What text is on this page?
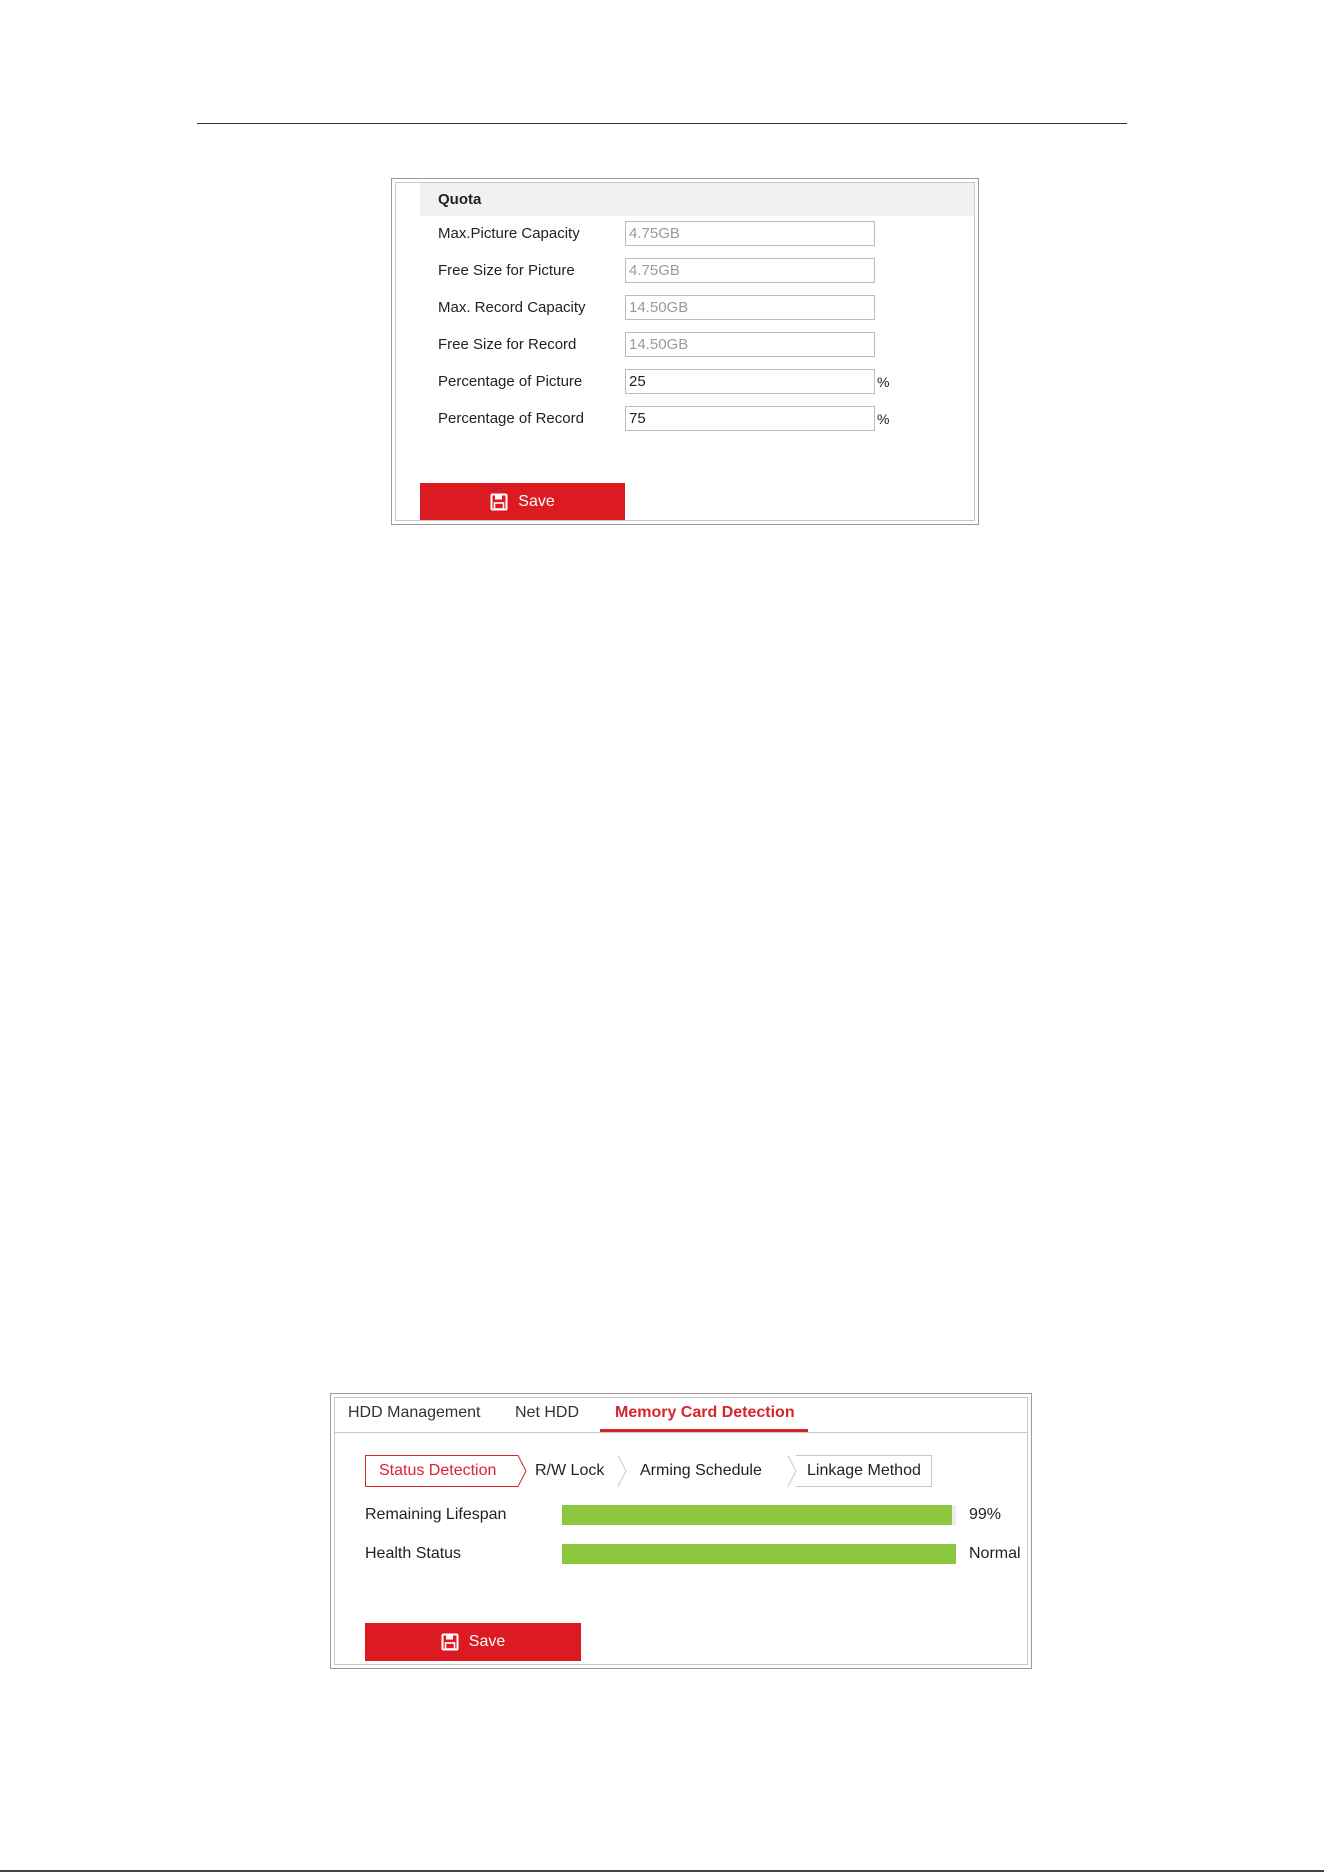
Quota
Max.Picture Capacity
4.75GB
Free Size for Picture
4.75GB
Max. Record Capacity
14.50GB
Free Size for Record
14.50GB
Percentage of Picture
25	%
Percentage of Record
75	%
Save
HDD Management Net HDD Memory Card Detection
Status Detection R/W Lock Arming Schedule	Linkage Method
Remaining Lifespan	99%
Health Status	Normal
Save
